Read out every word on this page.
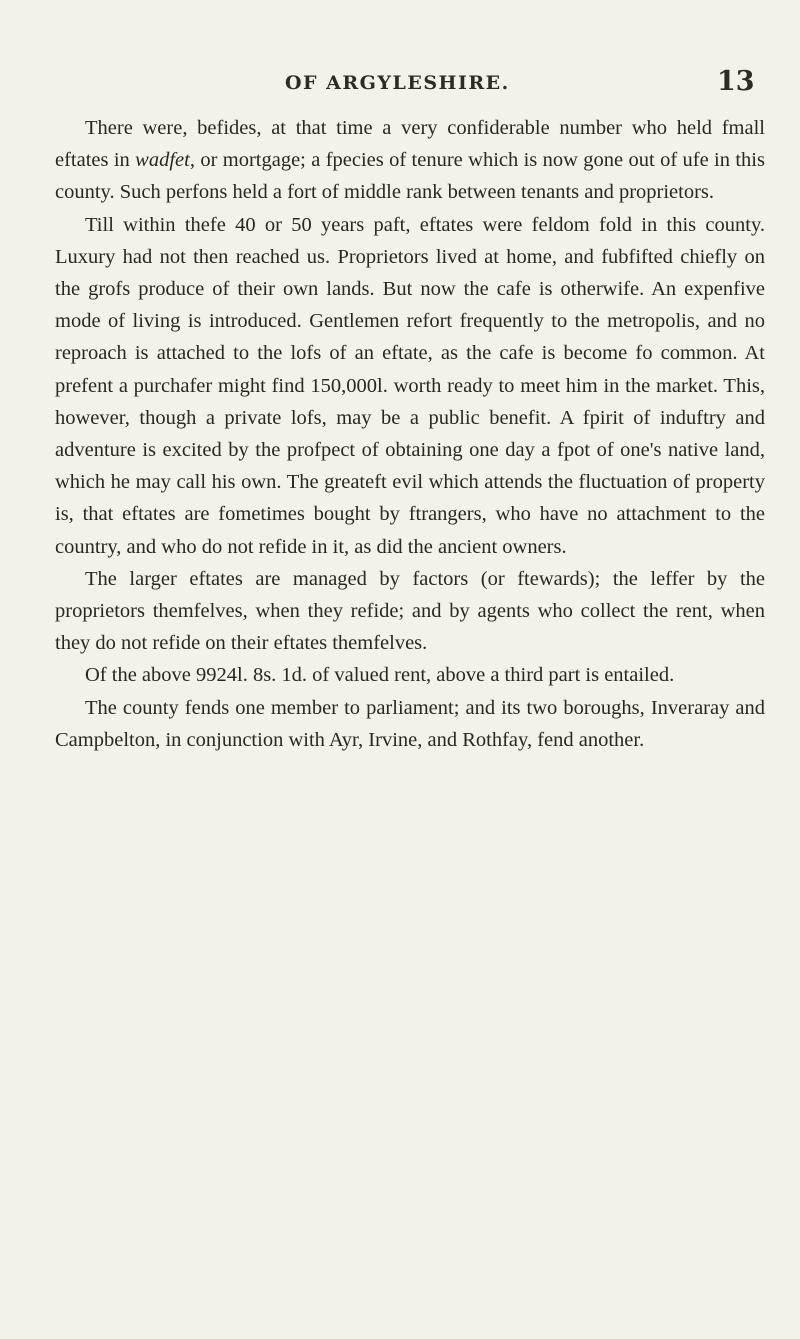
OF ARGYLESHIRE.	13

There were, befides, at that time a very confiderable number who held fmall eftates in wadfet, or mortgage; a fpecies of tenure which is now gone out of ufe in this county. Such perfons held a fort of middle rank between tenants and proprietors.

Till within thefe 40 or 50 years paft, eftates were feldom fold in this county. Luxury had not then reached us. Proprietors lived at home, and fubfifted chiefly on the grofs produce of their own lands. But now the cafe is otherwife. An expenfive mode of living is introduced. Gentlemen refort frequently to the metropolis, and no reproach is attached to the lofs of an eftate, as the cafe is become fo common. At prefent a purchafer might find 150,000l. worth ready to meet him in the market. This, however, though a private lofs, may be a public benefit. A fpirit of induftry and adventure is excited by the profpect of obtaining one day a fpot of one's native land, which he may call his own. The greateft evil which attends the fluctuation of property is, that eftates are fometimes bought by ftrangers, who have no attachment to the country, and who do not refide in it, as did the ancient owners.

The larger eftates are managed by factors (or ftewards); the leffer by the proprietors themfelves, when they refide; and by agents who collect the rent, when they do not refide on their eftates themfelves.

Of the above 9924l. 8s. 1d. of valued rent, above a third part is entailed.

The county fends one member to parliament; and its two boroughs, Inveraray and Campbelton, in conjunction with Ayr, Irvine, and Rothfay, fend another.
